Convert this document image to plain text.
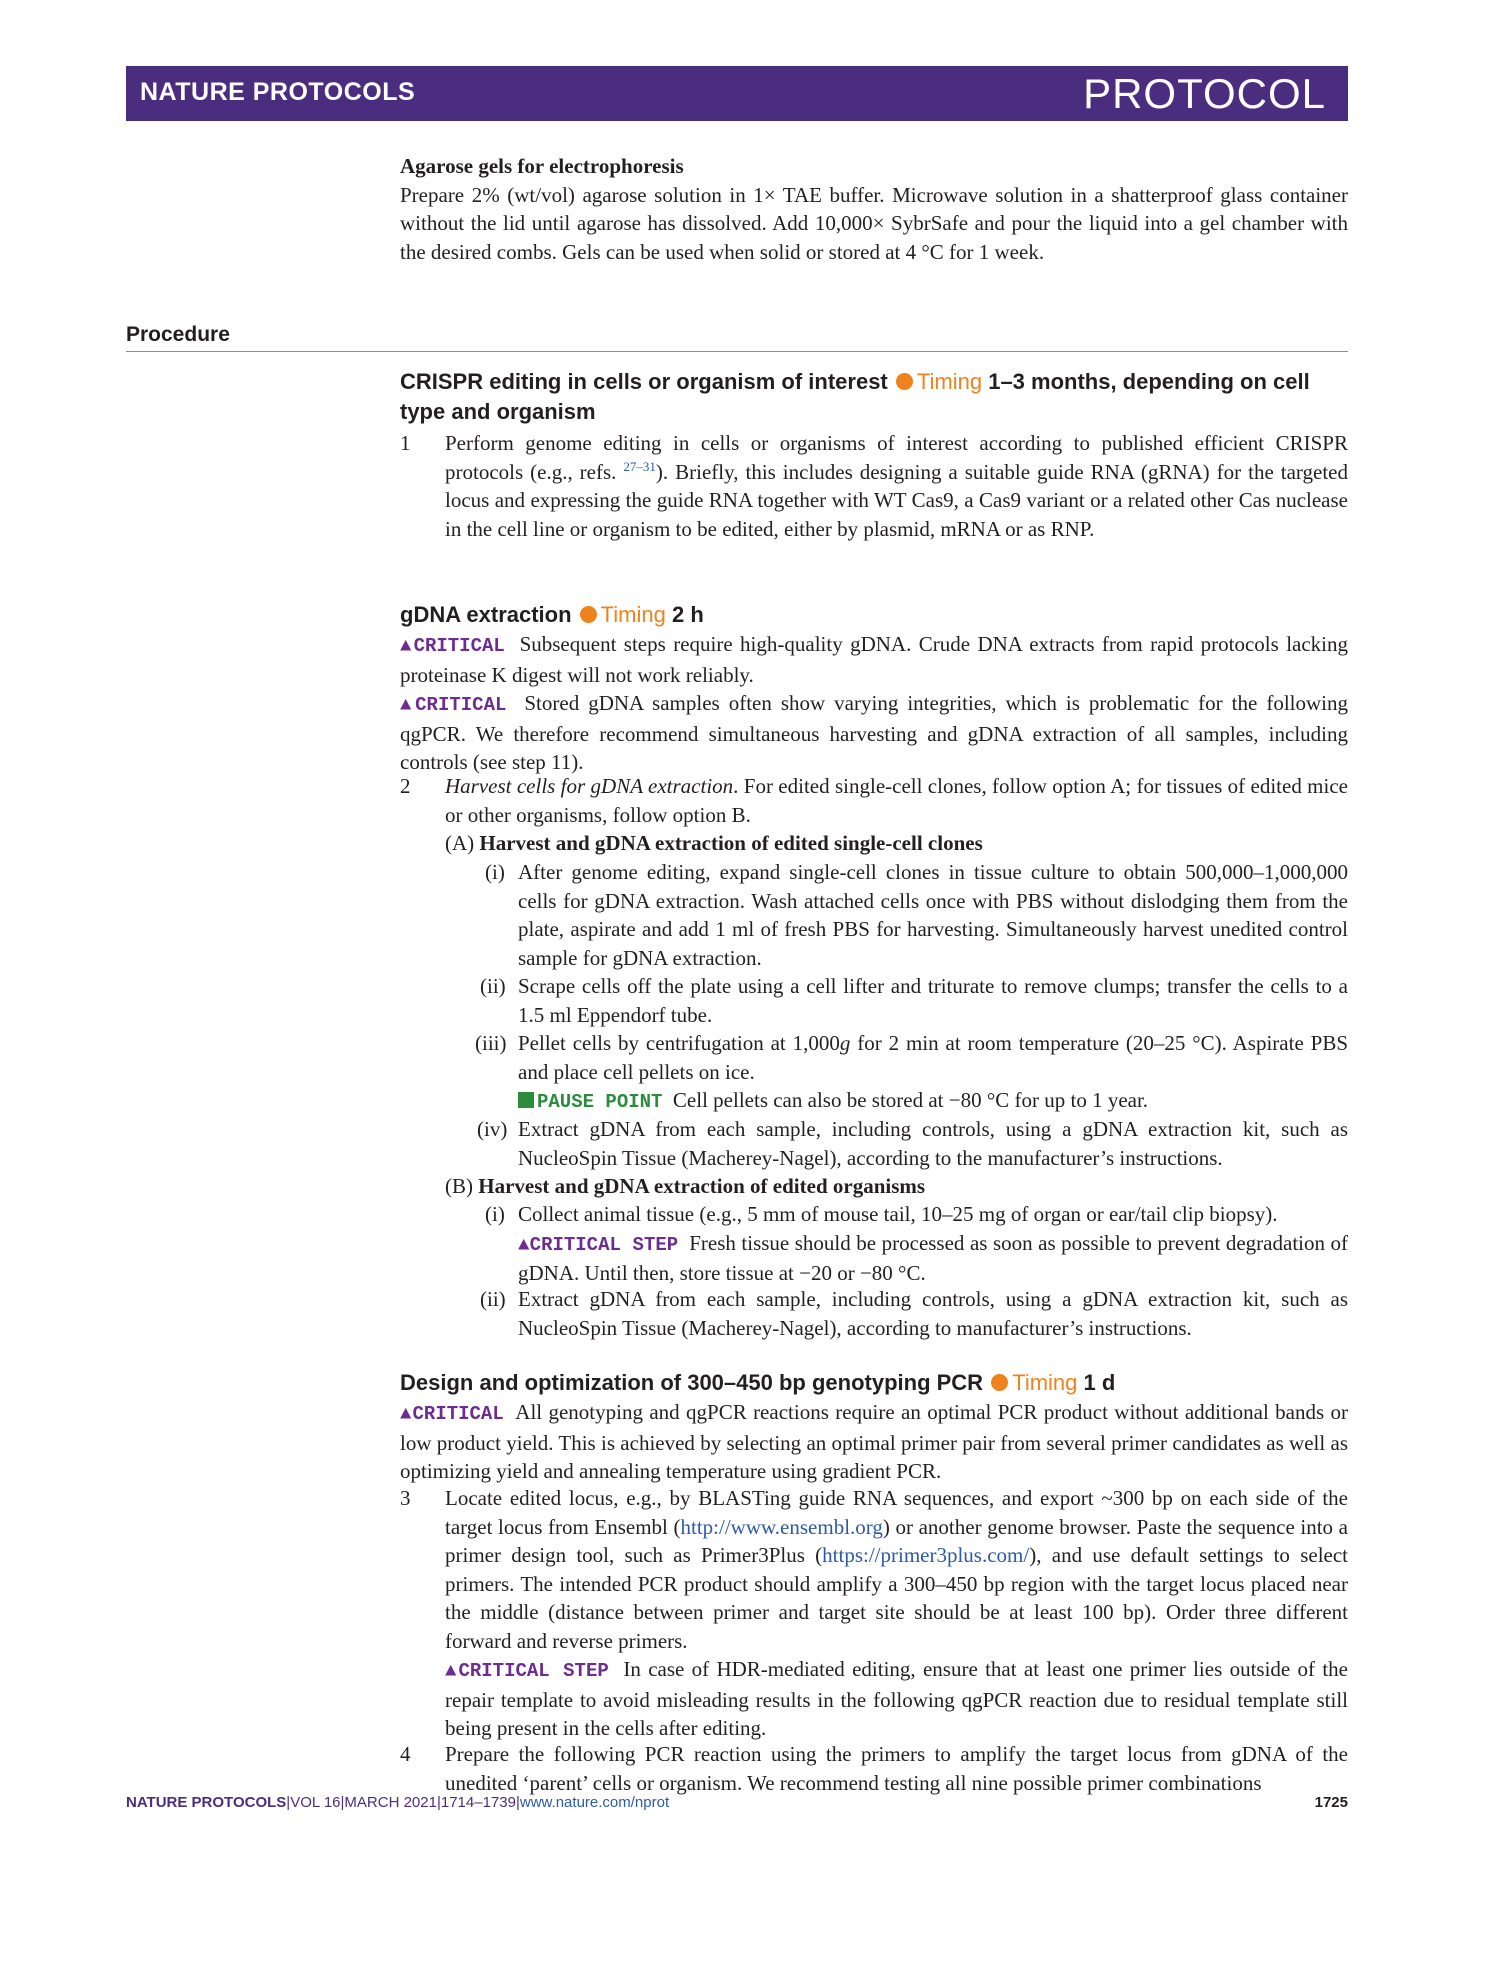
NATURE PROTOCOLS	PROTOCOL

Agarose gels for electrophoresis

Prepare 2% (wt/vol) agarose solution in 1× TAE buffer. Microwave solution in a shatterproof glass container without the lid until agarose has dissolved. Add 10,000× SybrSafe and pour the liquid into a gel chamber with the desired combs. Gels can be used when solid or stored at 4 °C for 1 week.

Procedure
CRISPR editing in cells or organism of interest Timing 1–3 months, depending on cell type and organism
1 Perform genome editing in cells or organisms of interest according to published efficient CRISPR protocols (e.g., refs. $^{27-31}$). Briefly, this includes designing a suitable guide RNA (gRNA) for the targeted locus and expressing the guide RNA together with WT Cas9, a Cas9 variant or a related other Cas nuclease in the cell line or organism to be edited, either by plasmid, mRNA or as RNP.
gDNA extraction Timing 2 h

▲CRITICAL Subsequent steps require high-quality gDNA. Crude DNA extracts from rapid protocols lacking proteinase K digest will not work reliably.

▲CRITICAL Stored gDNA samples often show varying integrities, which is problematic for the following qgPCR. We therefore recommend simultaneous harvesting and gDNA extraction of all samples, including controls (see step 11).

2 Harvest cells for gDNA extraction. For edited single-cell clones, follow option A; for tissues of edited mice or other organisms, follow option B.
(A) Harvest and gDNA extraction of edited single-cell clones
(i) After genome editing, expand single-cell clones in tissue culture to obtain 500,000–1,000,000 cells for gDNA extraction. Wash attached cells once with PBS without dislodging them from the plate, aspirate and add 1 ml of fresh PBS for harvesting. Simultaneously harvest unedited control sample for gDNA extraction.
(ii) Scrape cells off the plate using a cell lifter and triturate to remove clumps; transfer the cells to a 1.5 ml Eppendorf tube.
(iii) Pellet cells by centrifugation at 1,000g for 2 min at room temperature (20–25 °C). Aspirate PBS and place cell pellets on ice.
PAUSE POINT Cell pellets can also be stored at −80 °C for up to 1 year.
(iv) Extract gDNA from each sample, including controls, using a gDNA extraction kit, such as NucleoSpin Tissue (Macherey-Nagel), according to the manufacturer’s instructions.
(B) Harvest and gDNA extraction of edited organisms
(i) Collect animal tissue (e.g., 5 mm of mouse tail, 10–25 mg of organ or ear/tail clip biopsy).
▲CRITICAL STEP Fresh tissue should be processed as soon as possible to prevent degradation of gDNA. Until then, store tissue at −20 or −80 °C.
(ii) Extract gDNA from each sample, including controls, using a gDNA extraction kit, such as NucleoSpin Tissue (Macherey-Nagel), according to manufacturer’s instructions.
Design and optimization of 300–450 bp genotyping PCR Timing 1 d

▲CRITICAL All genotyping and qgPCR reactions require an optimal PCR product without additional bands or low product yield. This is achieved by selecting an optimal primer pair from several primer candidates as well as optimizing yield and annealing temperature using gradient PCR.

3 Locate edited locus, e.g., by BLASTing guide RNA sequences, and export ~300 bp on each side of the target locus from Ensembl (http://www.ensembl.org) or another genome browser. Paste the sequence into a primer design tool, such as Primer3Plus (https://primer3plus.com/), and use default settings to select primers. The intended PCR product should amplify a 300–450 bp region with the target locus placed near the middle (distance between primer and target site should be at least 100 bp). Order three different forward and reverse primers.
▲CRITICAL STEP In case of HDR-mediated editing, ensure that at least one primer lies outside of the repair template to avoid misleading results in the following qgPCR reaction due to residual template still being present in the cells after editing.
4 Prepare the following PCR reaction using the primers to amplify the target locus from gDNA of the unedited ‘parent’ cells or organism. We recommend testing all nine possible primer combinations
NATURE PROTOCOLS|VOL 16|MARCH 2021|1714–1739|www.nature.com/nprot	1725
